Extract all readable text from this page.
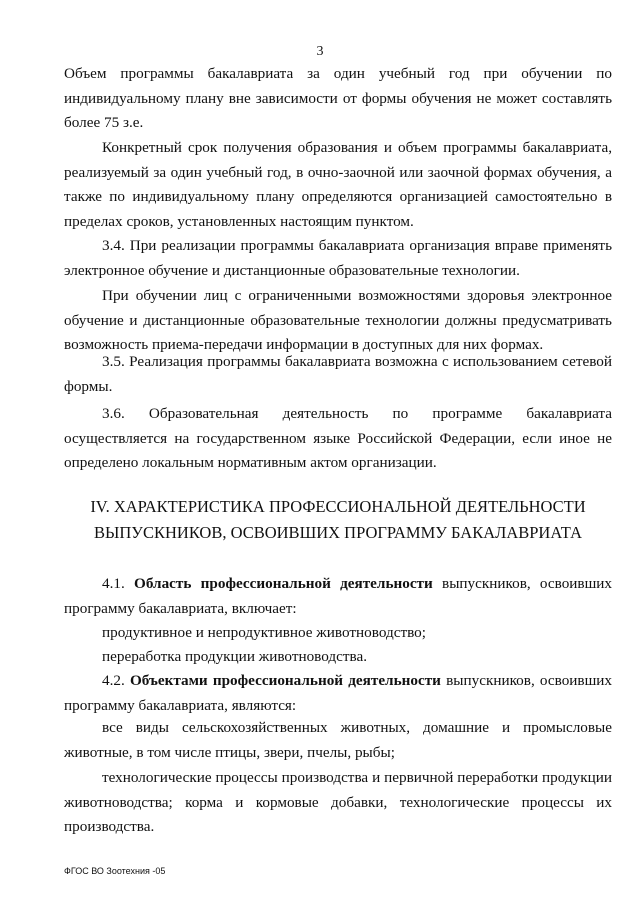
3

Объем программы бакалавриата за один учебный год при обучении по индивидуальному плану вне зависимости от формы обучения не может составлять более 75 з.е.

Конкретный срок получения образования и объем программы бакалавриата, реализуемый за один учебный год, в очно-заочной или заочной формах обучения, а также по индивидуальному плану определяются организацией самостоятельно в пределах сроков, установленных настоящим пунктом.

3.4. При реализации программы бакалавриата организация вправе применять электронное обучение и дистанционные образовательные технологии.

При обучении лиц с ограниченными возможностями здоровья электронное обучение и дистанционные образовательные технологии должны предусматривать возможность приема-передачи информации в доступных для них формах.

3.5. Реализация программы бакалавриата возможна с использованием сетевой формы.

3.6. Образовательная деятельность по программе бакалавриата осуществляется на государственном языке Российской Федерации, если иное не определено локальным нормативным актом организации.

IV. ХАРАКТЕРИСТИКА ПРОФЕССИОНАЛЬНОЙ ДЕЯТЕЛЬНОСТИ ВЫПУСКНИКОВ, ОСВОИВШИХ ПРОГРАММУ БАКАЛАВРИАТА

4.1. Область профессиональной деятельности выпускников, освоивших программу бакалавриата, включает:

продуктивное и непродуктивное животноводство;

переработка продукции животноводства.

4.2. Объектами профессиональной деятельности выпускников, освоивших программу бакалавриата, являются:

все виды сельскохозяйственных животных, домашние и промысловые животные, в том числе птицы, звери, пчелы, рыбы;

технологические процессы производства и первичной переработки продукции животноводства; корма и кормовые добавки, технологические процессы их производства.

ФГОС ВО Зоотехния -05
